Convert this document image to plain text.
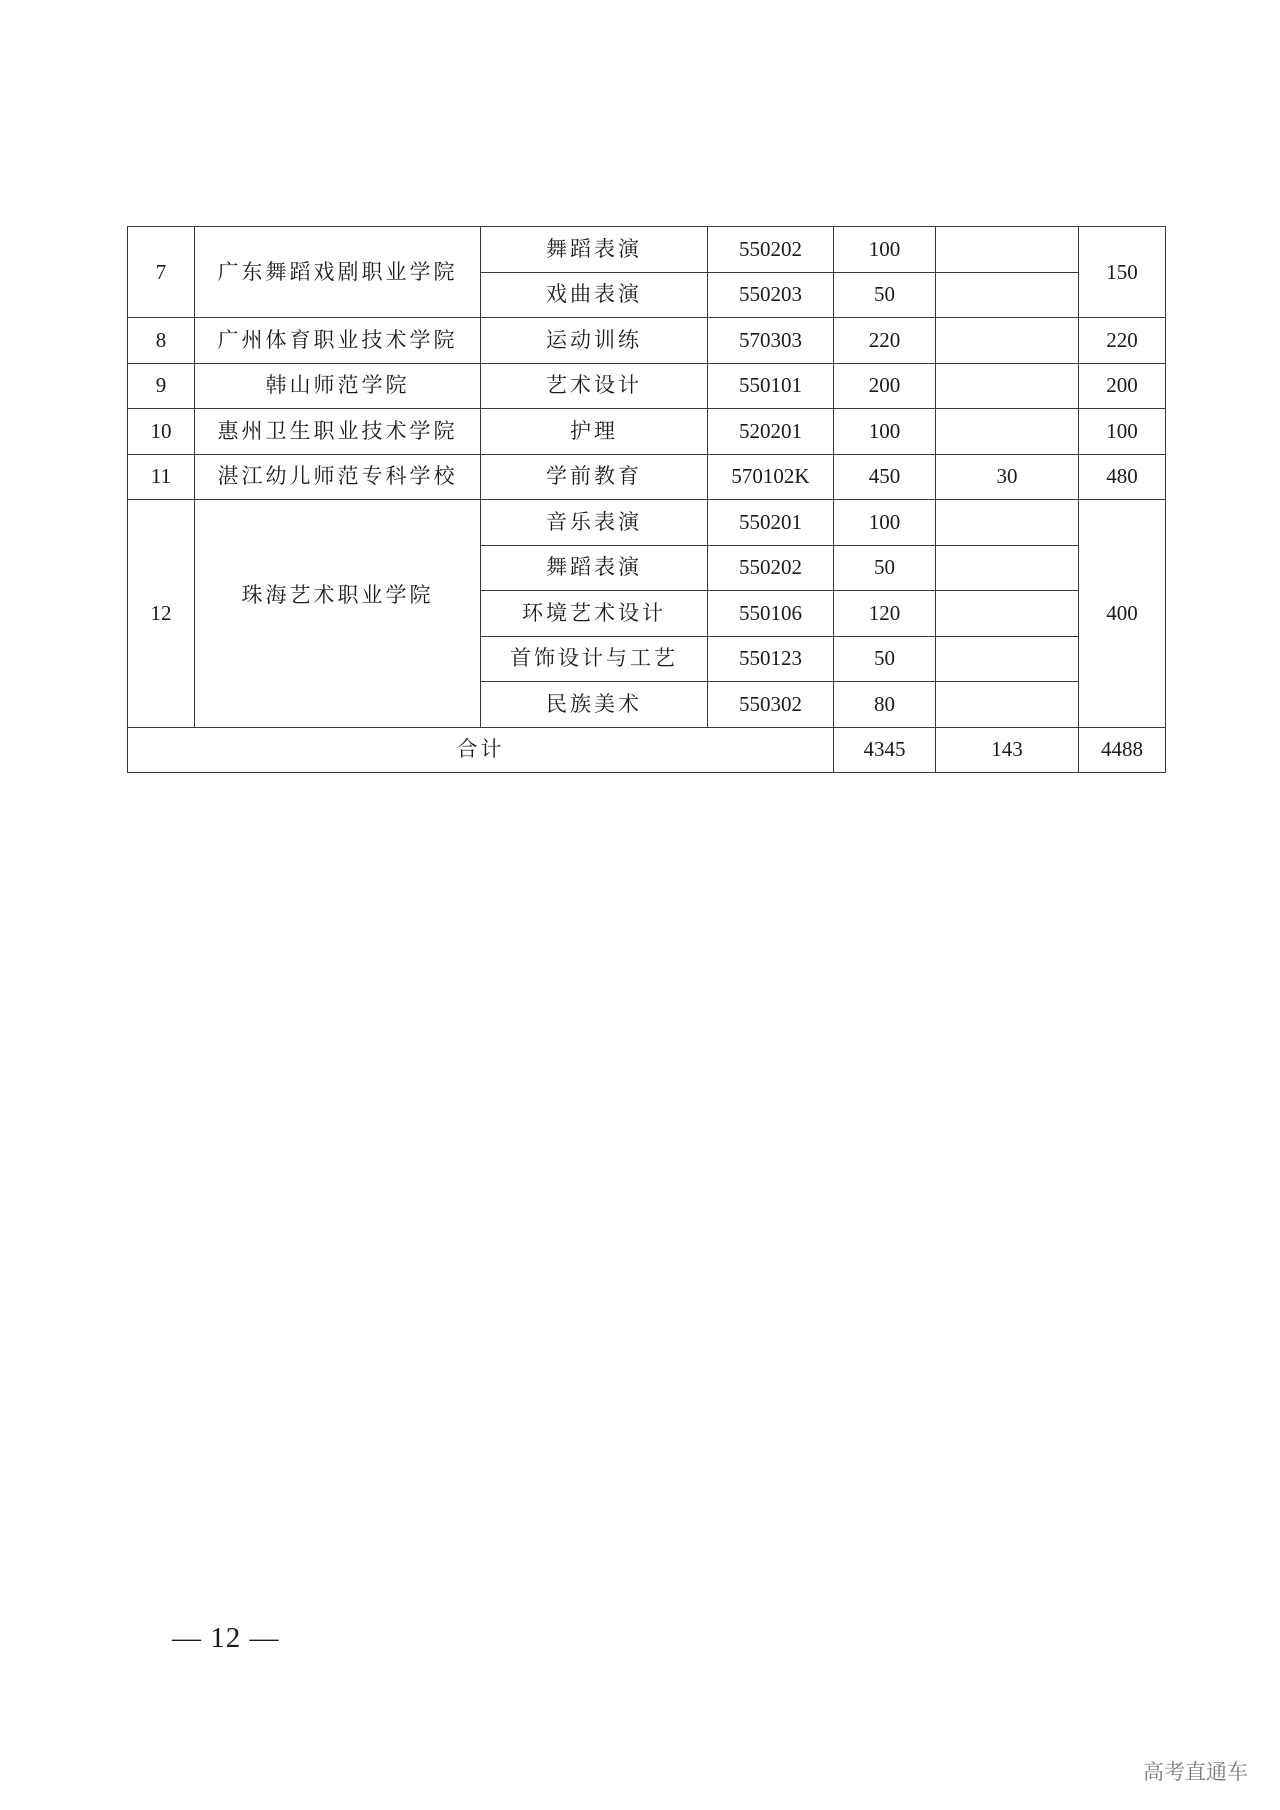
7	广东舞蹈戏剧职业学院	舞蹈表演	550202	100		150
		戏曲表演	550203	50		
8	广州体育职业技术学院	运动训练	570303	220		220
9	韩山师范学院	艺术设计	550101	200		200
10	惠州卫生职业技术学院	护理	520201	100		100
11	湛江幼儿师范专科学校	学前教育	570102K	450	30	480
12	珠海艺术职业学院	音乐表演	550201	100		400
		舞蹈表演	550202	50		
		环境艺术设计	550106	120		
		首饰设计与工艺	550123	50		
		民族美术	550302	80		
合计				4345	143	4488
— 12 —
高考直通车
